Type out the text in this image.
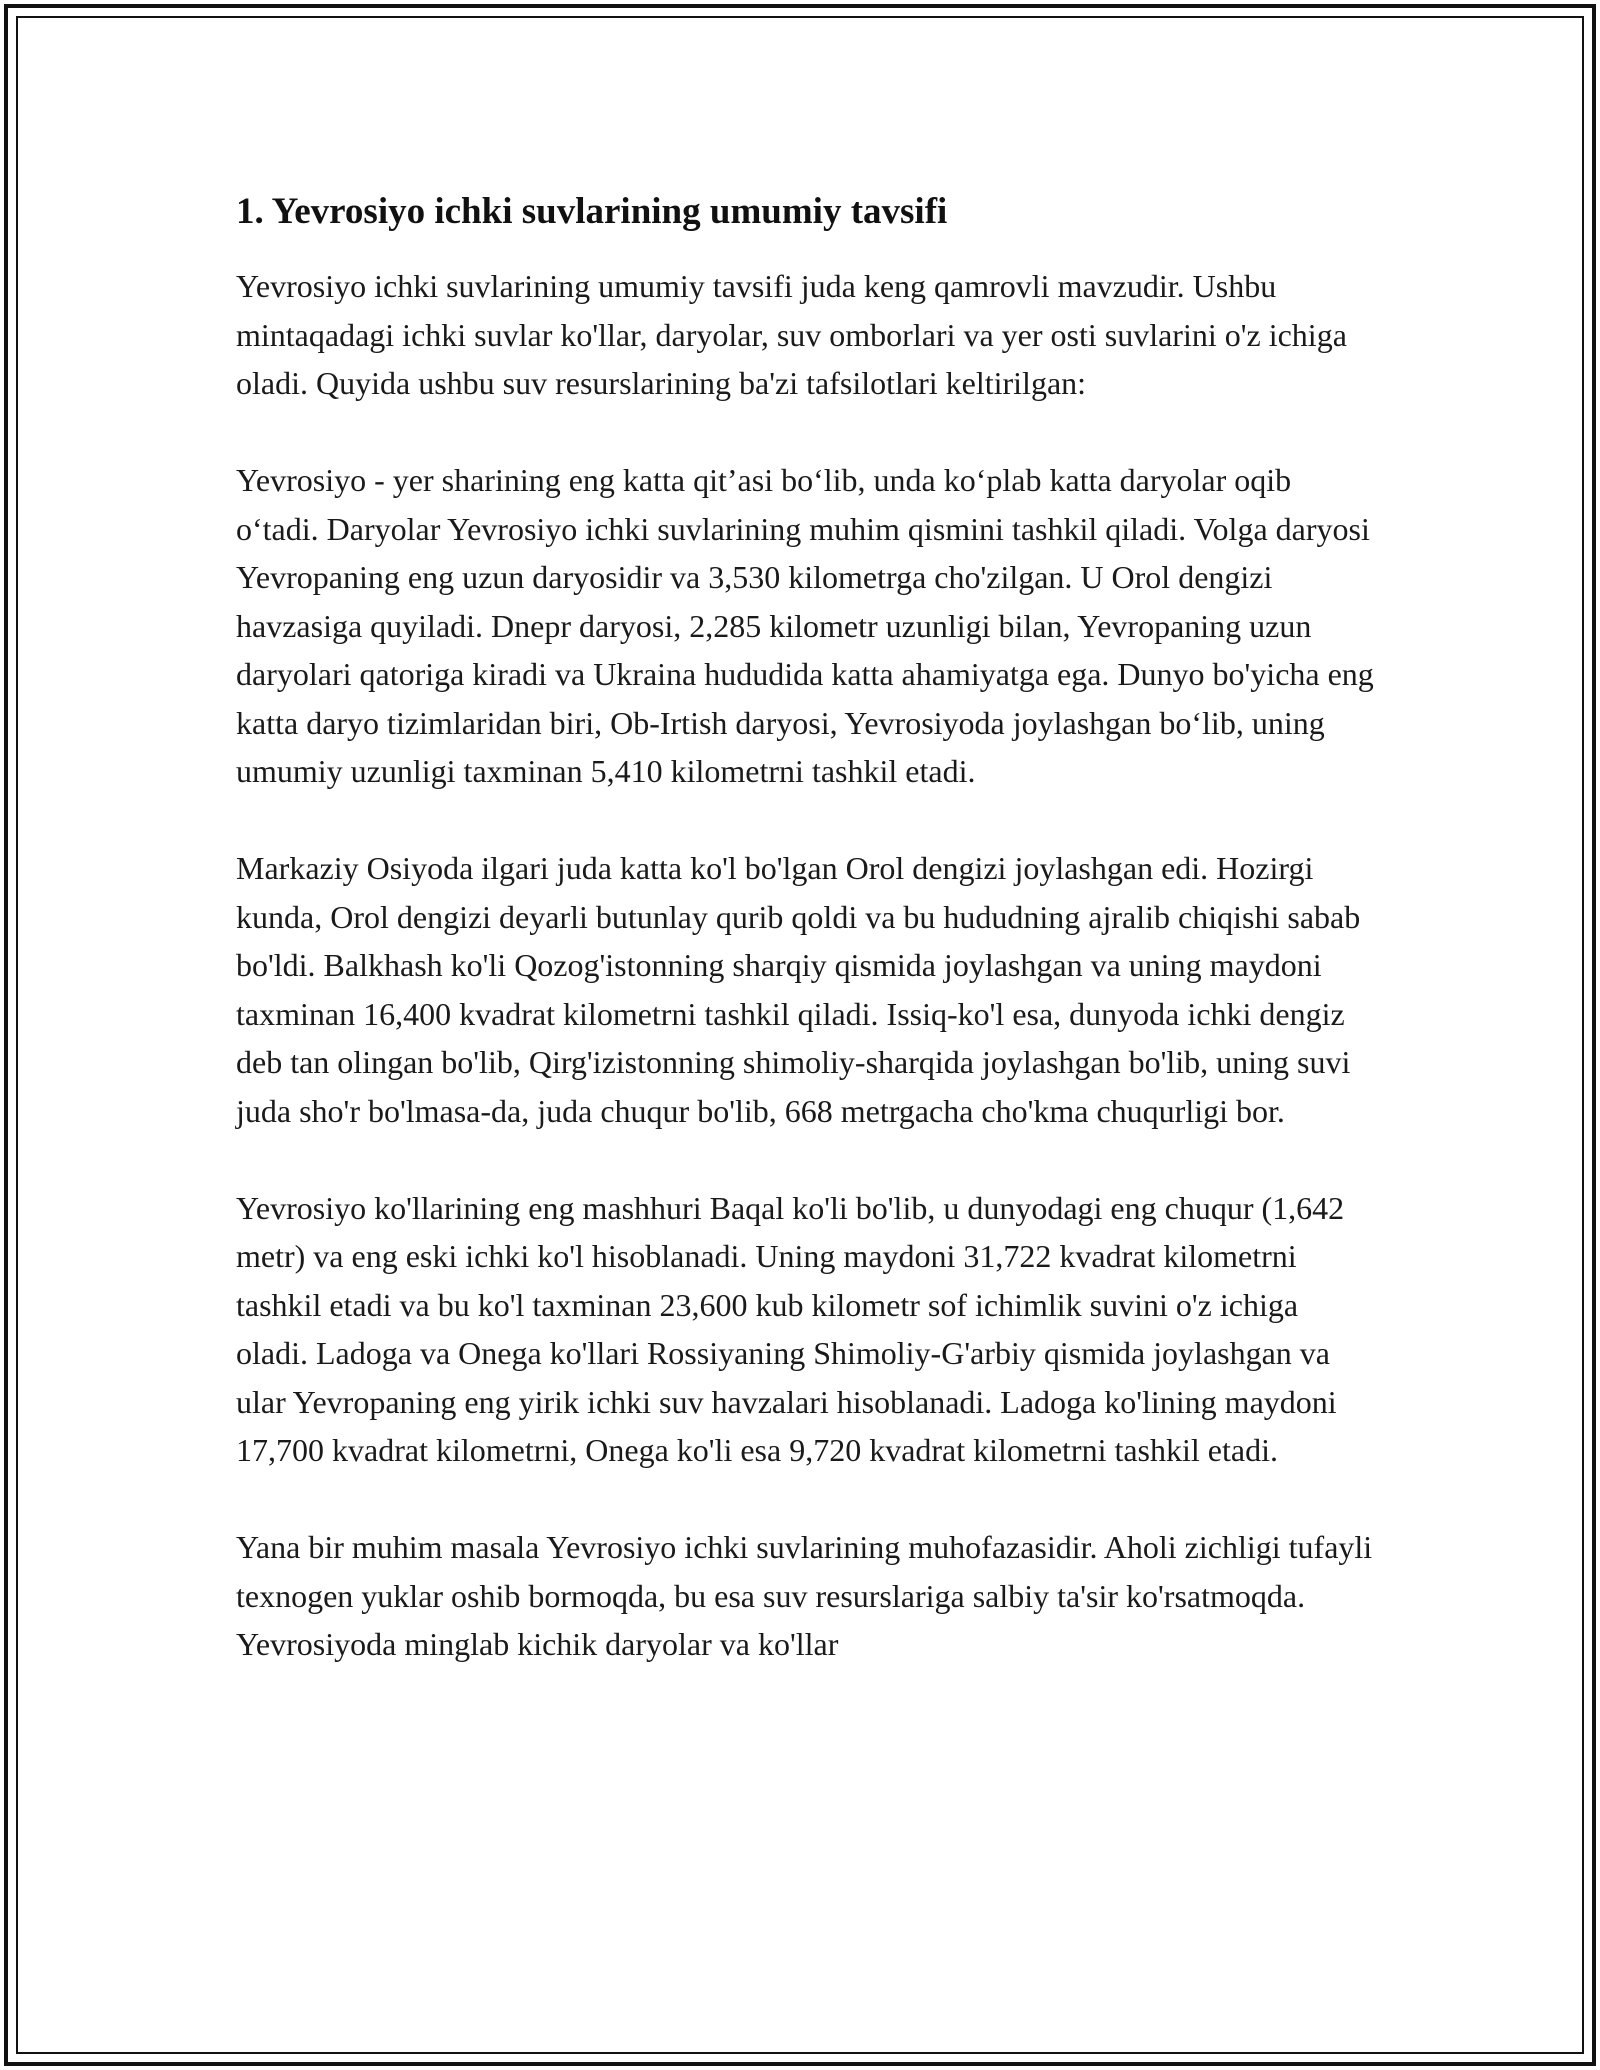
1. Yevrosiyo ichki suvlarining umumiy tavsifi

Yevrosiyo ichki suvlarining umumiy tavsifi juda keng qamrovli mavzudir. Ushbu mintaqadagi ichki suvlar ko'llar, daryolar, suv omborlari va yer osti suvlarini o'z ichiga oladi. Quyida ushbu suv resurslarining ba'zi tafsilotlari keltirilgan:

Yevrosiyo - yer sharining eng katta qit’asi bo‘lib, unda ko‘plab katta daryolar oqib o‘tadi. Daryolar Yevrosiyo ichki suvlarining muhim qismini tashkil qiladi. Volga daryosi Yevropaning eng uzun daryosidir va 3,530 kilometrga cho'zilgan. U Orol dengizi havzasiga quyiladi. Dnepr daryosi, 2,285 kilometr uzunligi bilan, Yevropaning uzun daryolari qatoriga kiradi va Ukraina hududida katta ahamiyatga ega. Dunyo bo'yicha eng katta daryo tizimlaridan biri, Ob-Irtish daryosi, Yevrosiyoda joylashgan bo‘lib, uning umumiy uzunligi taxminan 5,410 kilometrni tashkil etadi.

Markaziy Osiyoda ilgari juda katta ko'l bo'lgan Orol dengizi joylashgan edi. Hozirgi kunda, Orol dengizi deyarli butunlay qurib qoldi va bu hududning ajralib chiqishi sabab bo'ldi. Balkhash ko'li Qozog'istonning sharqiy qismida joylashgan va uning maydoni taxminan 16,400 kvadrat kilometrni tashkil qiladi. Issiq-ko'l esa, dunyoda ichki dengiz deb tan olingan bo'lib, Qirg'izistonning shimoliy-sharqida joylashgan bo'lib, uning suvi juda sho'r bo'lmasa-da, juda chuqur bo'lib, 668 metrgacha cho'kma chuqurligi bor.

Yevrosiyo ko'llarining eng mashhuri Baqal ko'li bo'lib, u dunyodagi eng chuqur (1,642 metr) va eng eski ichki ko'l hisoblanadi. Uning maydoni 31,722 kvadrat kilometrni tashkil etadi va bu ko'l taxminan 23,600 kub kilometr sof ichimlik suvini o'z ichiga oladi. Ladoga va Onega ko'llari Rossiyaning Shimoliy-G'arbiy qismida joylashgan va ular Yevropaning eng yirik ichki suv havzalari hisoblanadi. Ladoga ko'lining maydoni 17,700 kvadrat kilometrni, Onega ko'li esa 9,720 kvadrat kilometrni tashkil etadi.

Yana bir muhim masala Yevrosiyo ichki suvlarining muhofazasidir. Aholi zichligi tufayli texnogen yuklar oshib bormoqda, bu esa suv resurslariga salbiy ta'sir ko'rsatmoqda. Yevrosiyoda minglab kichik daryolar va ko'llar
